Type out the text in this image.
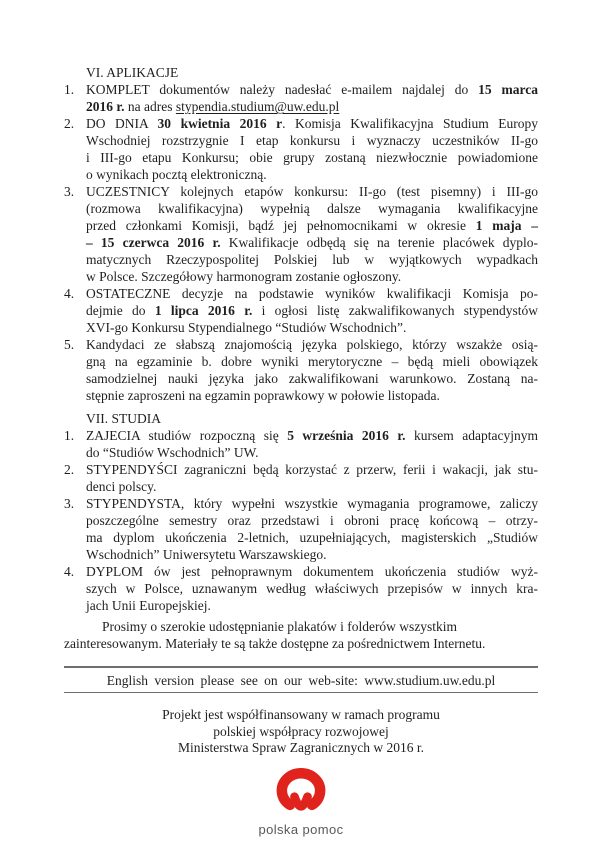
VI. APLIKACJE
1. KOMPLET dokumentów należy nadesłać e-mailem najdalej do 15 marca
2016 r. na adres stypendia.studium@uw.edu.pl
2. DO DNIA 30 kwietnia 2016 r. Komisja Kwalifikacyjna Studium Europy
Wschodniej rozstrzygnie I etap konkursu i wyznaczy uczestników II-go
i III-go etapu Konkursu; obie grupy zostaną niezwłocznie powiadomione
o wynikach pocztą elektroniczną.
3. UCZESTNICY kolejnych etapów konkursu: II-go (test pisemny) i III-go
(rozmowa kwalifikacyjna) wypełnią dalsze wymagania kwalifikacyjne
przed członkami Komisji, bądź jej pełnomocnikami w okresie 1 maja –
– 15 czerwca 2016 r. Kwalifikacje odbędą się na terenie placówek dyplo-
matycznych Rzeczypospolitej Polskiej lub w wyjątkowych wypadkach
w Polsce. Szczegółowy harmonogram zostanie ogłoszony.
4. OSTATECZNE decyzje na podstawie wyników kwalifikacji Komisja po-
dejmie do 1 lipca 2016 r. i ogłosi listę zakwalifikowanych stypendystów
XVI-go Konkursu Stypendialnego “Studiów Wschodnich”.
5. Kandydaci ze słabszą znajomością języka polskiego, którzy wszakże osią-
gną na egzaminie b. dobre wyniki merytoryczne – będą mieli obowiązek
samodzielnej nauki języka jako zakwalifikowani warunkowo. Zostaną na-
stępnie zaproszeni na egzamin poprawkowy w połowie listopada.
VII. STUDIA
1. ZAJECIA studiów rozpoczną się 5 września 2016 r. kursem adaptacyjnym
do “Studiów Wschodnich” UW.
2. STYPENDYŚCI zagraniczni będą korzystać z przerw, ferii i wakacji, jak stu-
denci polscy.
3. STYPENDYSTA, który wypełni wszystkie wymagania programowe, zaliczy
poszczególne semestry oraz przedstawi i obroni pracę końcową – otrzy-
ma dyplom ukończenia 2-letnich, uzupełniających, magisterskich „Studiów
Wschodnich” Uniwersytetu Warszawskiego.
4. DYPLOM ów jest pełnoprawnym dokumentem ukończenia studiów wyż-
szych w Polsce, uznawanym według właściwych przepisów w innych kra-
jach Unii Europejskiej.
Prosimy o szerokie udostępnianie plakatów i folderów wszystkim
zainteresowanym. Materiały te są także dostępne za pośrednictwem Internetu.
English version please see on our web-site: www.studium.uw.edu.pl
Projekt jest współfinansowany w ramach programu
polskiej współpracy rozwojowej
Ministerstwa Spraw Zagranicznych w 2016 r.
polska pomoc
